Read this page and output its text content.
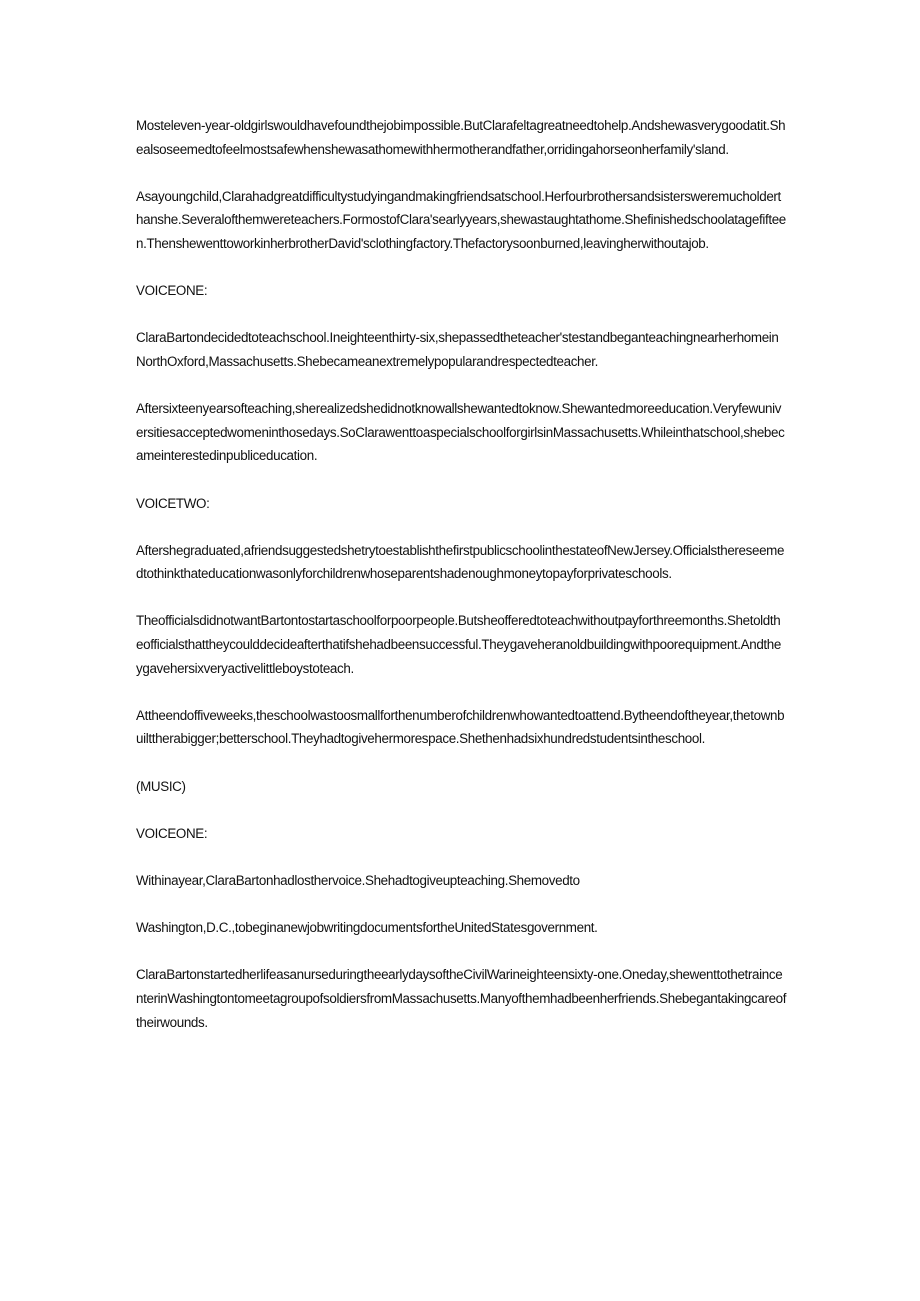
Mosteleven-year-​oldgirlswouldhavefoundthejobimpossible.ButClarafeltagreatneedtohelp.Andshewasverygoodatit.Shealsoseemedtofeelmostsafewhenshewasathomewithhermotherandfather,orridingahorseonherfamily'sland.

Asayoungchild,Clarahadgreatdifficultystudyingandmakingfriendsatschool.Herfourbrothersandsistersweremucholderthanshe.Severalofthemwereteachers.FormostofClara'searlyyears,shewastaughtathome.Shefinishedschoolatagefifteen.ThenshewenttoworkinherbrotherDavid'sclothingfactory.Thefactorysoonburned,leavingherwithoutajob.

VOICEONE:

ClaraBartondecidedtoteachschool.Ineighteenthirty-​six,shepassedtheteacher'stestandbeganteachingnearherhomeinNorthOxford,Massachusetts.Shebecameanextremelypopularandrespectedteacher.

Aftersixteenyearsofteaching,sherealizedshedidnotknowallshewantedtoknow.Shewantedmoreeducation.Veryfewuniversitiesacceptedwomeninthosedays.SoClarawenttoaspecialschoolforgirlsinMassachusetts.Whileinthatschool,shebecameinterestedinpubliceducation.

VOICETWO:

Aftershegraduated,afriendsuggestedshetrytoestablishthefirstpublicschoolinthestateofNewJersey.Officialsthereseemedtothinkthateducationwasonlyforchildrenwhoseparentshadenoughmoneytopayforprivateschools.

TheofficialsdidnotwantBartontostartaschoolforpoorpeople.Butsheofferedtoteachwithoutpayforthreemonths.Shetoldtheofficialsthattheycoulddecideafterthatifshehadbeensuccessful.Theygaveheranoldbuildingwithpoorequipment.Andtheygavehersixveryactivelittleboystoteach.

Attheendoffiveweeks,theschoolwastoosmallforthenumberofchildrenwhowantedtoattend.Bytheendoftheyear,thetownbuilttherabigger;betterschool.Theyhadtogivehermorespace.Shethenhadsixhundredstudentsintheschool.

(MUSIC)

VOICEONE:

Withinayear,ClaraBartonhadlosthervoice.Shehadtogiveupteaching.Shemovedto

Washington,D.C.,tobeginanewjobwritingdocumentsfortheUnitedStatesgovernment.

ClaraBartonstartedherlifeasanurseduringtheearlydaysoftheCivilWarineighteensixty-​one.Oneday,shewenttothetraincenterinWashingtontomeetagroupofsoldiersfromMassachusetts.Manyofthemhadbeenherfriends.Shebegantakingcareoftheirwounds.
